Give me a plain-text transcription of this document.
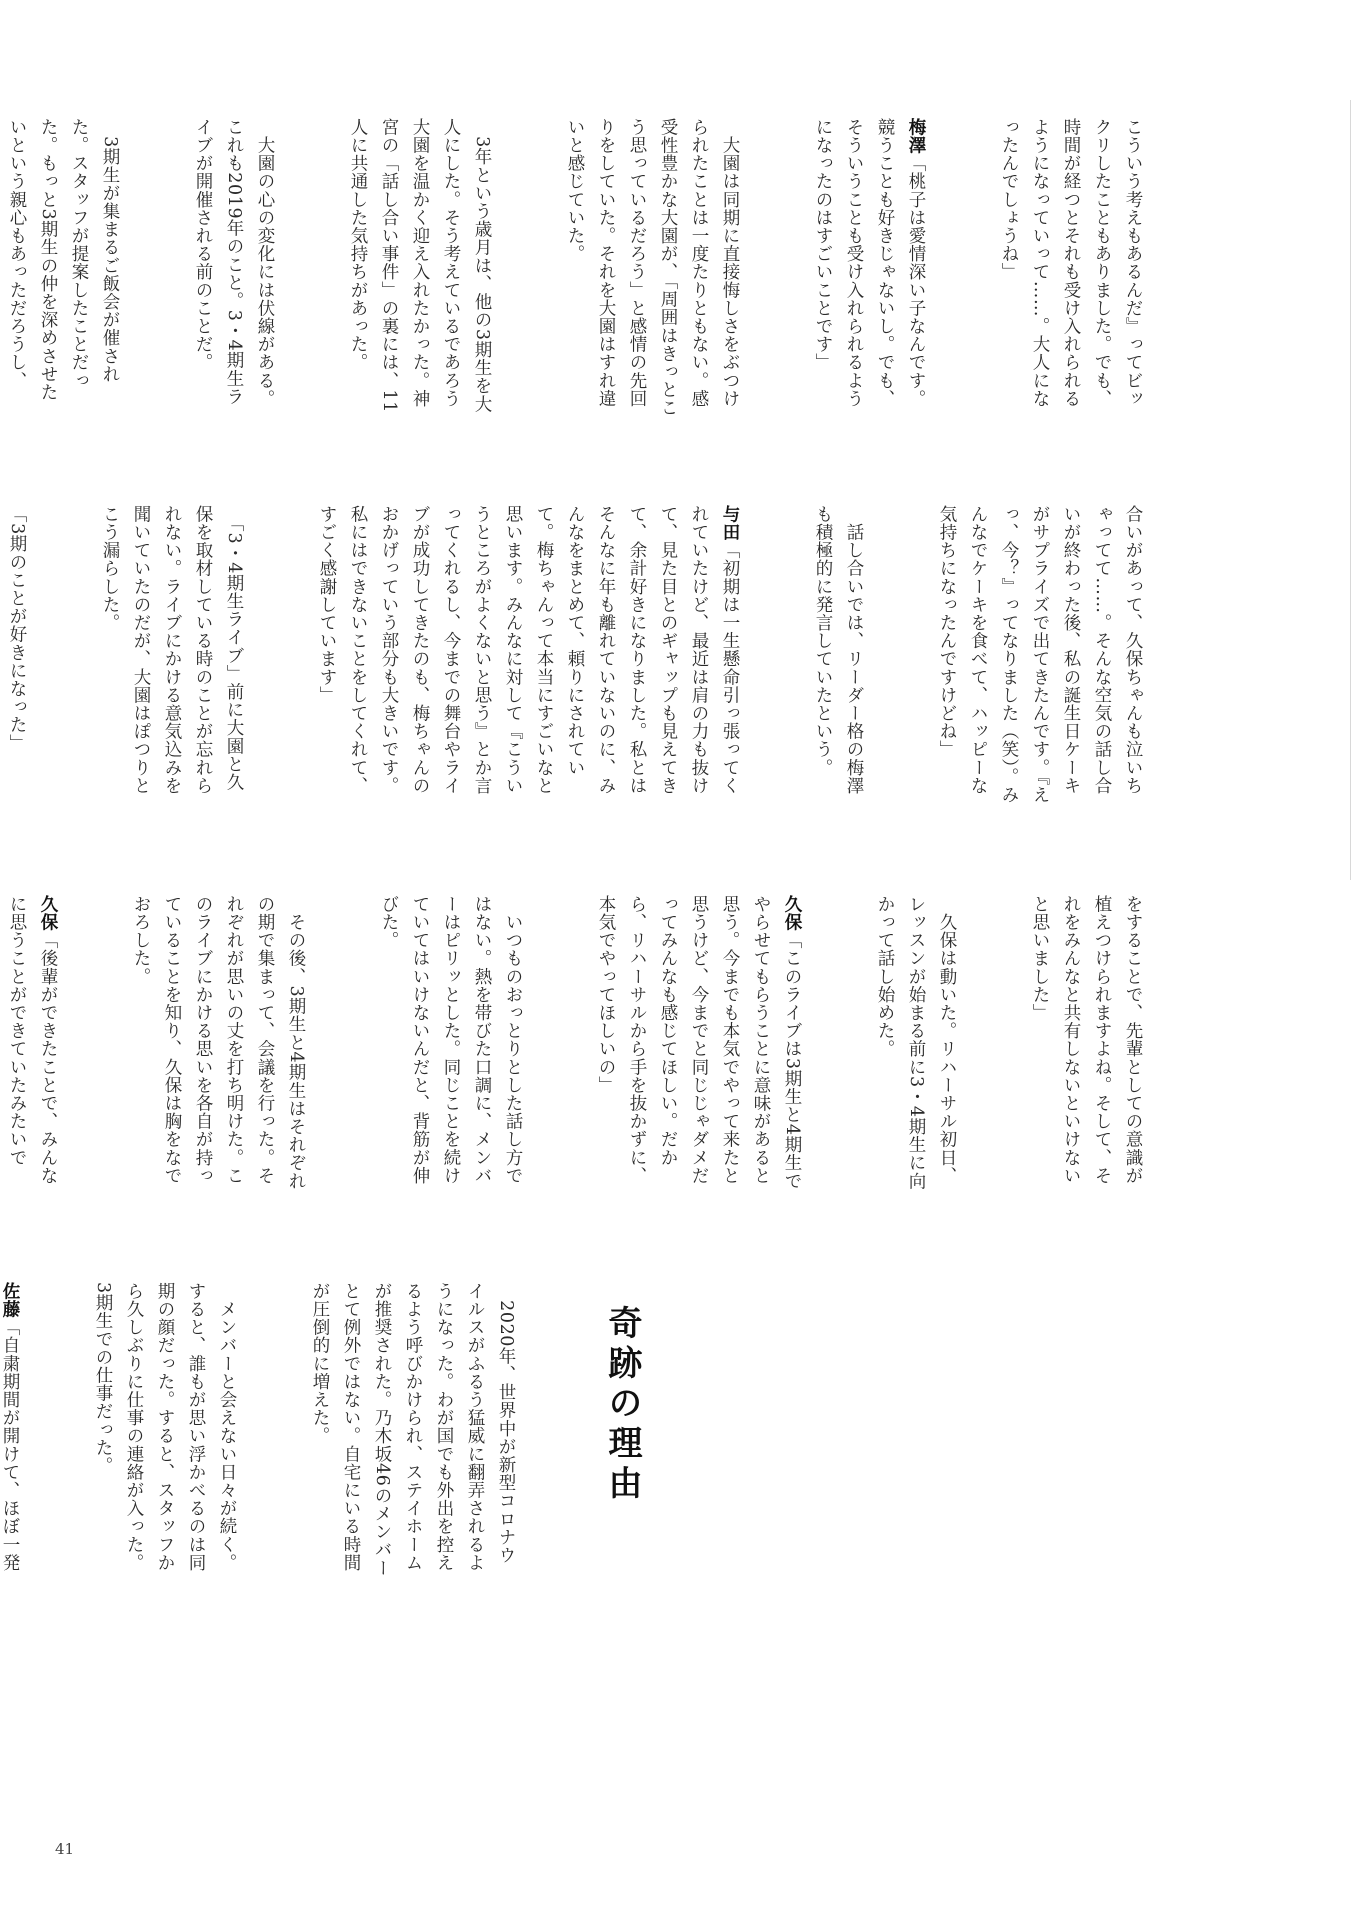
こういう考えもあるんだ』ってビックリしたこともありました。でも、時間が経つとそれも受け入れられるようになっていって……。大人になったんでしょうね」

梅澤「桃子は愛情深い子なんです。競うことも好きじゃないし。でも、そういうことも受け入れられるようになったのはすごいことです」

　大園は同期に直接悔しさをぶつけられたことは一度たりともない。感受性豊かな大園が、「周囲はきっとこう思っているだろう」と感情の先回りをしていた。それを大園はすれ違いと感じていた。

　3年という歳月は、他の3期生を大人にした。そう考えているであろう大園を温かく迎え入れたかった。神宮の「話し合い事件」の裏には、11人に共通した気持ちがあった。

　大園の心の変化には伏線がある。これも2019年のこと。3・4期生ライブが開催される前のことだ。

　3期生が集まるご飯会が催された。スタッフが提案したことだった。もっと3期生の仲を深めさせたいという親心もあっただろうし、

合いがあって、久保ちゃんも泣いちゃってて……。そんな空気の話し合いが終わった後、私の誕生日ケーキがサプライズで出てきたんです。『えっ、今？』ってなりました（笑）。みんなでケーキを食べて、ハッピーな気持ちになったんですけどね」

　話し合いでは、リーダー格の梅澤も積極的に発言していたという。

与田「初期は一生懸命引っ張ってくれていたけど、最近は肩の力も抜けて、見た目とのギャップも見えてきて、余計好きになりました。私とはそんなに年も離れていないのに、みんなをまとめて、頼りにされていて。梅ちゃんって本当にすごいなと思います。みんなに対して『こういうところがよくないと思う』とか言ってくれるし、今までの舞台やライブが成功してきたのも、梅ちゃんのおかげっていう部分も大きいです。私にはできないことをしてくれて、すごく感謝しています」

　「3・4期生ライブ」前に大園と久保を取材している時のことが忘れられない。ライブにかける意気込みを聞いていたのだが、大園はぽつりとこう漏らした。

「3期のことが好きになった」

をすることで、先輩としての意識が植えつけられますよね。そして、それをみんなと共有しないといけないと思いました」

　久保は動いた。リハーサル初日、レッスンが始まる前に3・4期生に向かって話し始めた。

久保「このライブは3期生と4期生でやらせてもらうことに意味があると思う。今までも本気でやって来たと思うけど、今までと同じじゃダメだってみんなも感じてほしい。だから、リハーサルから手を抜かずに、本気でやってほしいの」

　いつものおっとりとした話し方ではない。熱を帯びた口調に、メンバーはピリッとした。同じことを続けていてはいけないんだと、背筋が伸びた。

　その後、3期生と4期生はそれぞれの期で集まって、会議を行った。それぞれが思いの丈を打ち明けた。このライブにかける思いを各自が持っていることを知り、久保は胸をなでおろした。

久保「後輩ができたことで、みんなに思うことができていたみたいで

奇跡の理由

　2020年、世界中が新型コロナウイルスがふるう猛威に翻弄されるようになった。わが国でも外出を控えるよう呼びかけられ、ステイホームが推奨された。乃木坂46のメンバーとて例外ではない。自宅にいる時間が圧倒的に増えた。

　メンバーと会えない日々が続く。すると、誰もが思い浮かべるのは同期の顔だった。すると、スタッフから久しぶりに仕事の連絡が入った。3期生での仕事だった。

佐藤「自粛期間が開けて、ほぼ一発

41
